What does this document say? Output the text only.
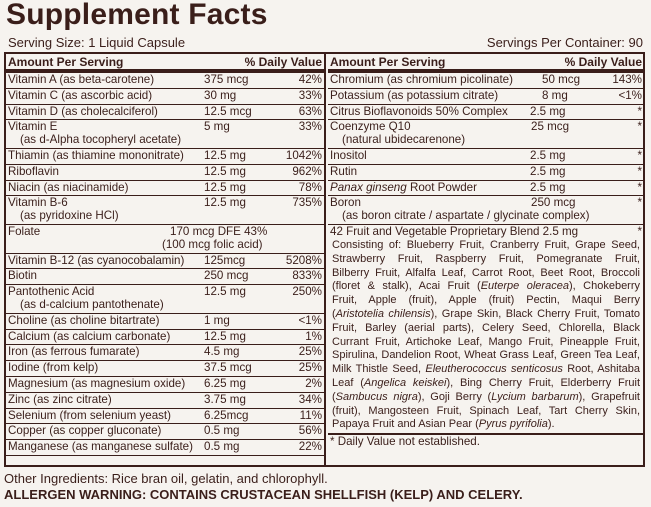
Supplement Facts
Serving Size: 1 Liquid Capsule	Servings Per Container: 90
Amount Per Serving	% Daily Value
Vitamin A (as beta-carotene)	375 mcg	42%
Vitamin C (as ascorbic acid)	30 mg	33%
Vitamin D (as cholecalciferol)	12.5 mcg	63%
Vitamin E
(as d-Alpha tocopheryl acetate)
5 mg	33%
Thiamin (as thiamine mononitrate) 12.5 mg	1042%
Riboflavin	12.5 mg	962%
Niacin (as niacinamide)	12.5 mg	78%
Vitamin B-6
(as pyridoxine HCl)
12.5 mg	735%
Folate	170 mcg DFE 43%
(100 mcg folic acid)
Vitamin B-12 (as cyanocobalamin) 125mcg	5208%
Biotin	250 mcg	833%
Pantothenic Acid
(as d-calcium pantothenate)
12.5 mg	250%
Choline (as choline bitartrate)	1 mg	<1%
Calcium (as calcium carbonate)	12.5 mg	1%
Iron (as ferrous fumarate)	4.5 mg	25%
Iodine (from kelp)	37.5 mcg	25%
Magnesium (as magnesium oxide) 6.25 mg	2%
Zinc (as zinc citrate)	3.75 mg	34%
Selenium (from selenium yeast)	6.25mcg	11%
Copper (as copper gluconate)	0.5 mg	56%
Manganese (as manganese sulfate) 0.5 mg	22%
Amount Per Serving	% Daily Value
Chromium (as chromium picolinate)	50 mcg	143%
Potassium (as potassium citrate)	8 mg	<1%
Citrus Bioflavonoids 50% Complex 2.5 mg	*
Coenzyme Q10
(natural ubidecarenone)
25 mcg	*
Inositol	2.5 mg	*
Rutin	2.5 mg	*
Panax ginseng Root Powder	2.5 mg	*
Boron
(as boron citrate / aspartate / glycinate complex)
250 mcg	*
42 Fruit and Vegetable Proprietary Blend 2.5 mg	*
Consisting of: Blueberry Fruit, Cranberry Fruit, Grape Seed,
Strawberry Fruit, Raspberry Fruit, Pomegranate Fruit,
Bilberry Fruit, Alfalfa Leaf, Carrot Root, Beet Root, Broccoli
(floret & stalk), Acai Fruit (Euterpe oleracea), Chokeberry
Fruit, Apple (fruit), Apple (fruit) Pectin, Maqui Berry
(Aristotelia chilensis), Grape Skin, Black Cherry Fruit, Tomato
Fruit, Barley (aerial parts), Celery Seed, Chlorella, Black
Currant Fruit, Artichoke Leaf, Mango Fruit, Pineapple Fruit,
Spirulina, Dandelion Root, Wheat Grass Leaf, Green Tea Leaf,
Milk Thistle Seed, Eleutherococcus senticosus Root, Ashitaba
Leaf (Angelica keiskei), Bing Cherry Fruit, Elderberry Fruit
(Sambucus nigra), Goji Berry (Lycium barbarum), Grapefruit
(fruit), Mangosteen Fruit, Spinach Leaf, Tart Cherry Skin,
Papaya Fruit and Asian Pear (Pyrus pyrifolia).
* Daily Value not established.
Other Ingredients: Rice bran oil, gelatin, and chlorophyll.
ALLERGEN WARNING: CONTAINS CRUSTACEAN SHELLFISH (KELP) AND CELERY.
